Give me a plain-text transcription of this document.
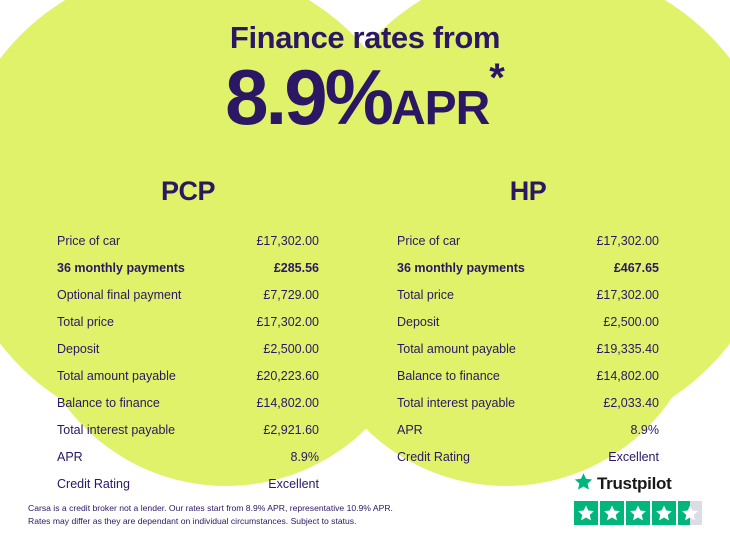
Finance rates from
8.9%APR*
PCP
Price of car	£17,302.00
36 monthly payments	£285.56
Optional final payment	£7,729.00
Total price	£17,302.00
Deposit	£2,500.00
Total amount payable	£20,223.60
Balance to finance	£14,802.00
Total interest payable	£2,921.60
APR	8.9%
Credit Rating	Excellent
HP
Price of car	£17,302.00
36 monthly payments	£467.65
Total price	£17,302.00
Deposit	£2,500.00
Total amount payable	£19,335.40
Balance to finance	£14,802.00
Total interest payable	£2,033.40
APR	8.9%
Credit Rating	Excellent
Carsa is a credit broker not a lender. Our rates start from 8.9% APR, representative 10.9% APR.
Rates may differ as they are dependant on individual circumstances. Subject to status.
Trustpilot
